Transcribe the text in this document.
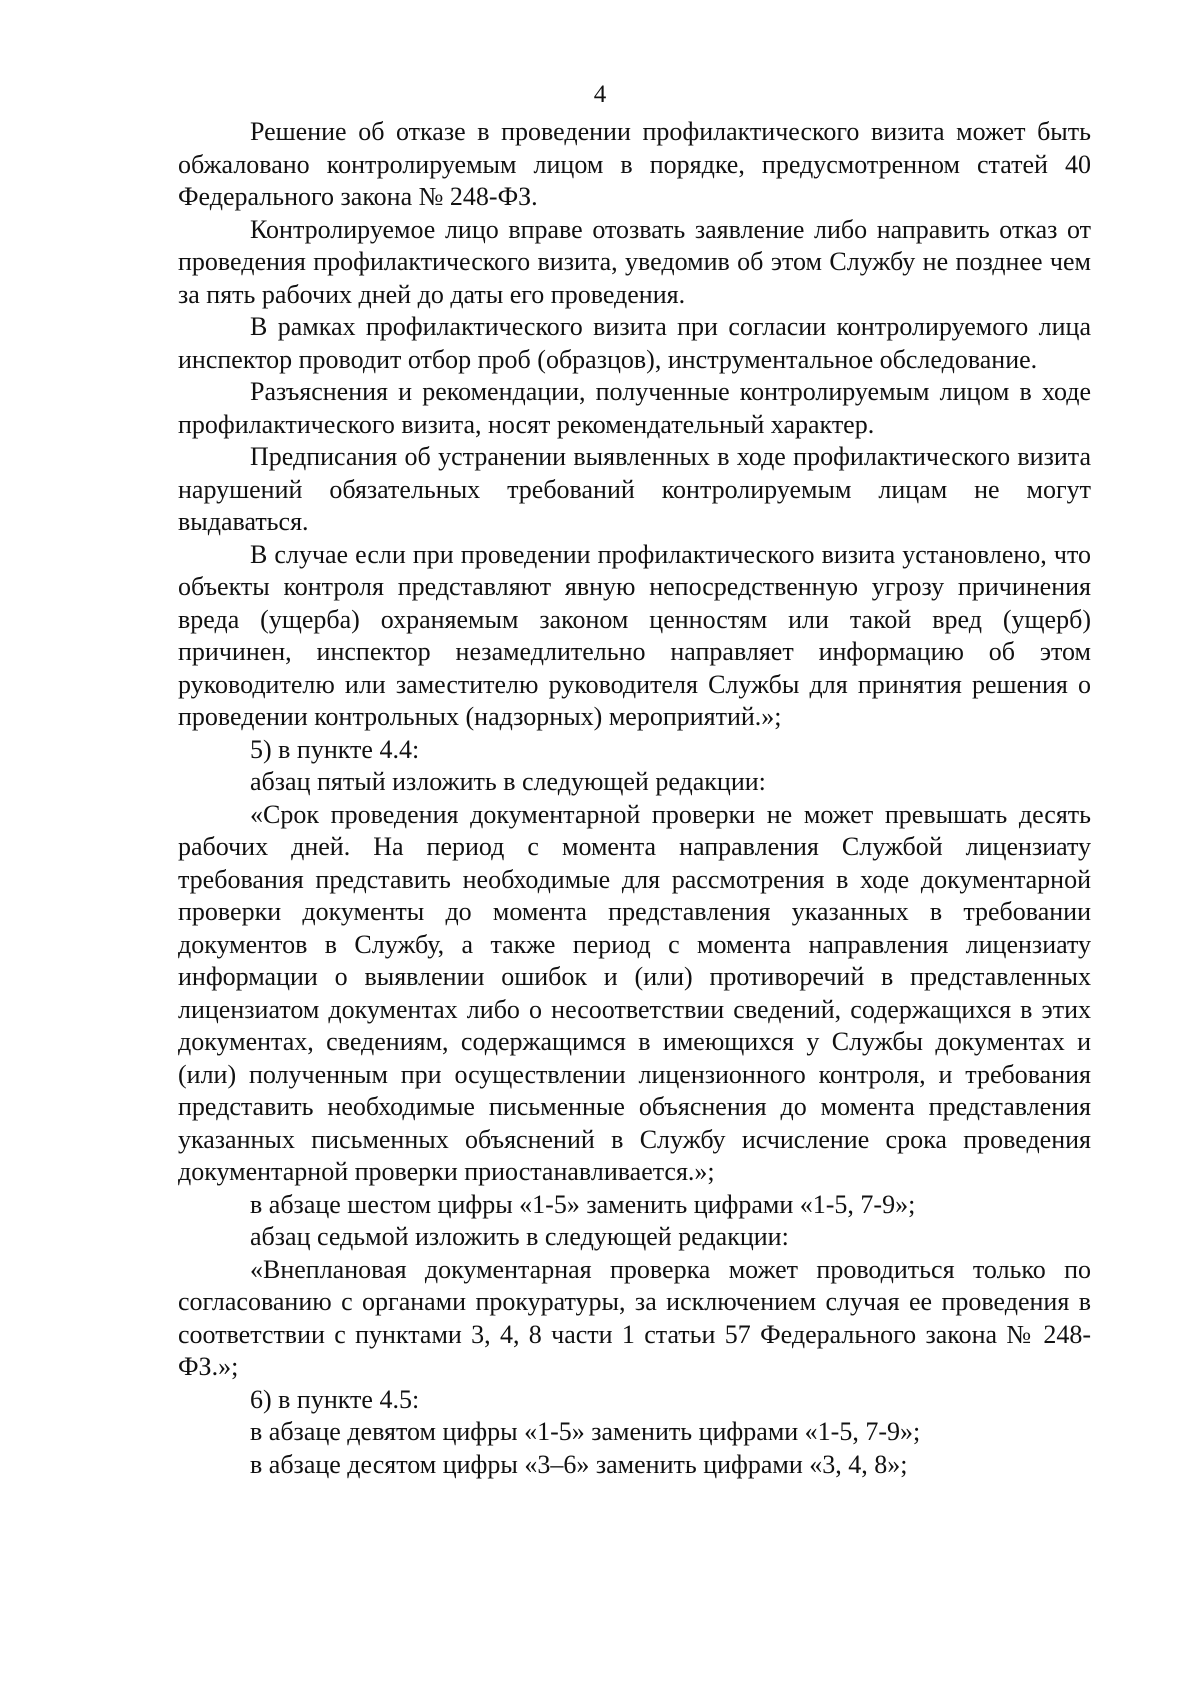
4

Решение об отказе в проведении профилактического визита может быть обжаловано контролируемым лицом в порядке, предусмотренном статей 40 Федерального закона № 248-ФЗ.

Контролируемое лицо вправе отозвать заявление либо направить отказ от проведения профилактического визита, уведомив об этом Службу не позднее чем за пять рабочих дней до даты его проведения.

В рамках профилактического визита при согласии контролируемого лица инспектор проводит отбор проб (образцов), инструментальное обследование.

Разъяснения и рекомендации, полученные контролируемым лицом в ходе профилактического визита, носят рекомендательный характер.

Предписания об устранении выявленных в ходе профилактического визита нарушений обязательных требований контролируемым лицам не могут выдаваться.

В случае если при проведении профилактического визита установлено, что объекты контроля представляют явную непосредственную угрозу причинения вреда (ущерба) охраняемым законом ценностям или такой вред (ущерб) причинен, инспектор незамедлительно направляет информацию об этом руководителю или заместителю руководителя Службы для принятия решения о проведении контрольных (надзорных) мероприятий.»;

5) в пункте 4.4:

абзац пятый изложить в следующей редакции:

«Срок проведения документарной проверки не может превышать десять рабочих дней. На период с момента направления Службой лицензиату требования представить необходимые для рассмотрения в ходе документарной проверки документы до момента представления указанных в требовании документов в Службу, а также период с момента направления лицензиату информации о выявлении ошибок и (или) противоречий в представленных лицензиатом документах либо о несоответствии сведений, содержащихся в этих документах, сведениям, содержащимся в имеющихся у Службы документах и (или) полученным при осуществлении лицензионного контроля, и требования представить необходимые письменные объяснения до момента представления указанных письменных объяснений в Службу исчисление срока проведения документарной проверки приостанавливается.»;

в абзаце шестом цифры «1-5» заменить цифрами «1-5, 7-9»;

абзац седьмой изложить в следующей редакции:

«Внеплановая документарная проверка может проводиться только по согласованию с органами прокуратуры, за исключением случая ее проведения в соответствии с пунктами 3, 4, 8 части 1 статьи 57 Федерального закона № 248-ФЗ.»;

6) в пункте 4.5:

в абзаце девятом цифры «1-5» заменить цифрами «1-5, 7-9»;

в абзаце десятом цифры «3–6» заменить цифрами «3, 4, 8»;
